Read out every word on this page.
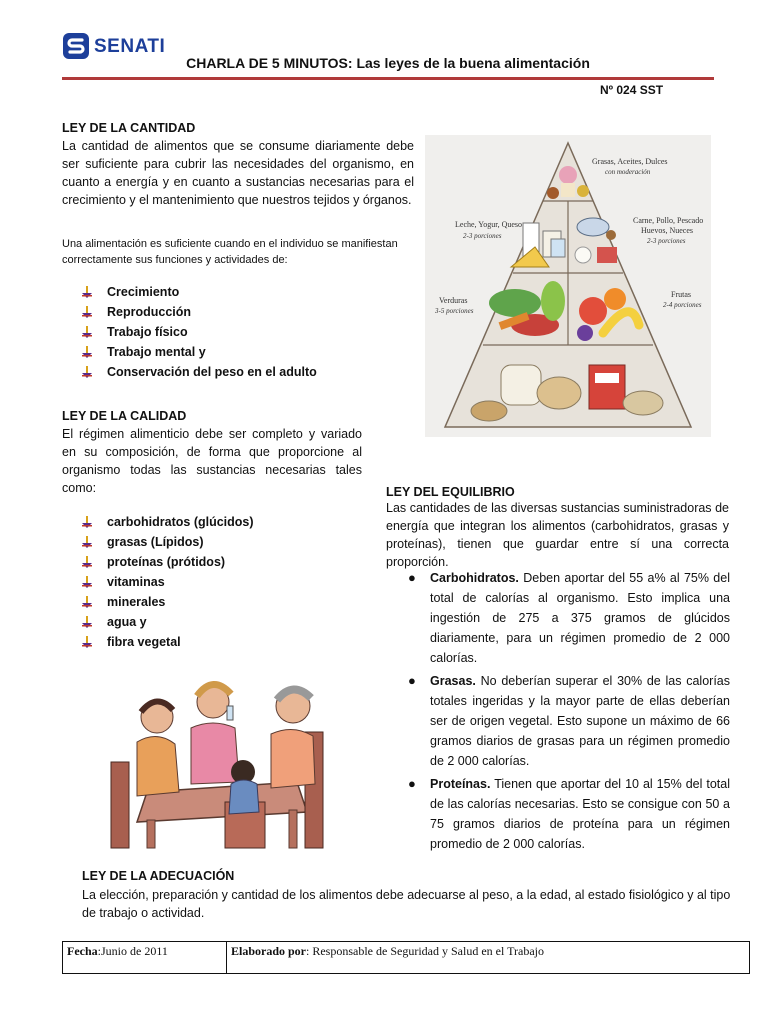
SENATI
CHARLA DE 5 MINUTOS: Las leyes de la buena alimentación
Nº 024 SST
LEY DE LA CANTIDAD

La cantidad de alimentos que se consume diariamente debe ser suficiente para cubrir las necesidades del organismo, en cuanto a energía y en cuanto a sustancias necesarias para el crecimiento y el mantenimiento que nuestros tejidos y órganos.

Una alimentación es suficiente cuando en el individuo se manifiestan correctamente sus funciones y actividades de:

Crecimiento
Reproducción
Trabajo físico
Trabajo mental y
Conservación del peso en el adulto
LEY DE LA CALIDAD

El régimen alimenticio debe ser completo y variado en su composición, de forma que proporcione al organismo todas las sustancias necesarias tales como:

carbohidratos (glúcidos)
grasas (Lípidos)
proteínas (prótidos)
vitaminas
minerales
agua y
fibra vegetal
Grasas, Aceites, Dulces
con moderación
Leche, Yogur, Queso
2-3 porciones
Carne, Pollo, Pescado
Huevos, Nueces
2-3 porciones
Verduras
3-5 porciones
Frutas
2-4 porciones
LEY DEL EQUILIBRIO

Las cantidades de las diversas sustancias suministradoras de energía que integran los alimentos (carbohidratos, grasas y proteínas), tienen que guardar entre sí una correcta proporción.

● Carbohidratos. Deben aportar del 55 a% al 75% del total de calorías al organismo. Esto implica una ingestión de 275 a 375 gramos de glúcidos diariamente, para un régimen promedio de 2 000 calorías.
● Grasas. No deberían superar el 30% de las calorías totales ingeridas y la mayor parte de ellas deberían ser de origen vegetal. Esto supone un máximo de 66 gramos diarios de grasas para un régimen promedio de 2 000 calorías.
● Proteínas. Tienen que aportar del 10 al 15% del total de las calorías necesarias. Esto se consigue con 50 a 75 gramos diarios de proteína para un régimen promedio de 2 000 calorías.
LEY DE LA ADECUACIÓN

La elección, preparación y cantidad de los alimentos debe adecuarse al peso, a la edad, al estado fisiológico y al tipo de trabajo o actividad.

Fecha:Junio de 2011	Elaborado por: Responsable de Seguridad y Salud en el Trabajo
